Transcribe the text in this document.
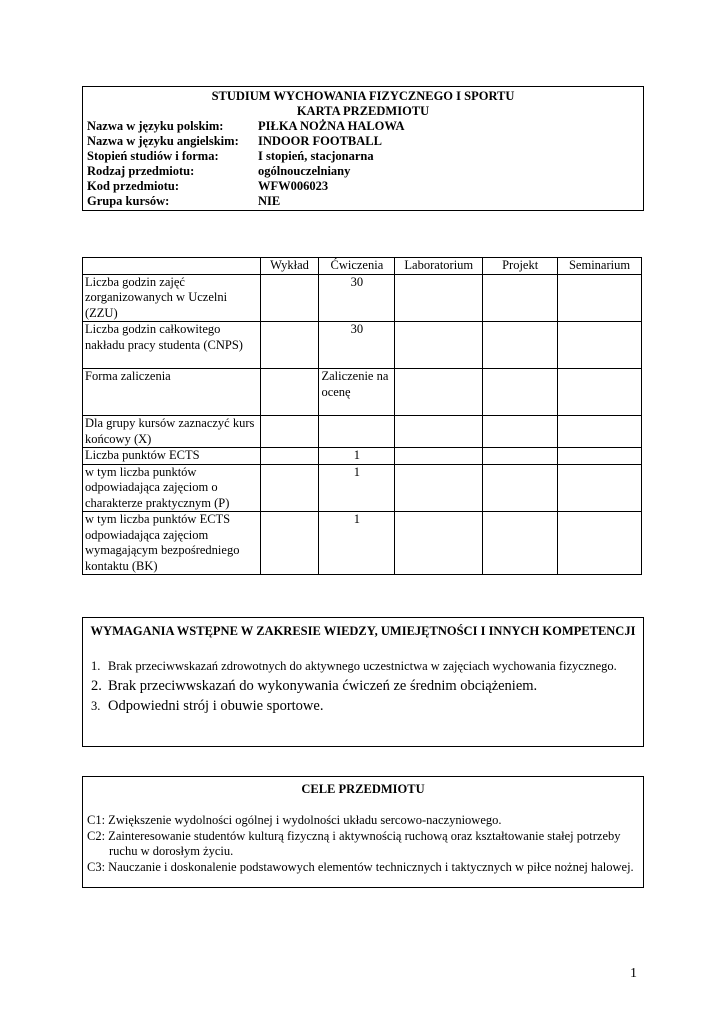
STUDIUM WYCHOWANIA FIZYCZNEGO I SPORTU
KARTA PRZEDMIOTU
Nazwa w języku polskim:	PIŁKA NOŻNA HALOWA
Nazwa w języku angielskim:	INDOOR FOOTBALL
Stopień studiów i forma:	I stopień, stacjonarna
Rodzaj przedmiotu:	ogólnouczelniany
Kod przedmiotu:	WFW006023
Grupa kursów:	NIE
	Wykład	Ćwiczenia	Laboratorium	Projekt	Seminarium
Liczba godzin zajęć zorganizowanych w Uczelni (ZZU)		30			
Liczba godzin całkowitego nakładu pracy studenta (CNPS)		30			
Forma zaliczenia		Zaliczenie na ocenę			
Dla grupy kursów zaznaczyć kurs końcowy (X)					
Liczba punktów ECTS		1			
w tym liczba punktów odpowiadająca zajęciom o charakterze praktycznym (P)		1			
w tym liczba punktów ECTS odpowiadająca zajęciom wymagającym bezpośredniego kontaktu (BK)		1			
WYMAGANIA WSTĘPNE W ZAKRESIE WIEDZY, UMIEJĘTNOŚCI I INNYCH KOMPETENCJI
1. Brak przeciwwskazań zdrowotnych do aktywnego uczestnictwa w zajęciach wychowania fizycznego.
2. Brak przeciwwskazań do wykonywania ćwiczeń ze średnim obciążeniem.
3. Odpowiedni strój i obuwie sportowe.
CELE PRZEDMIOTU
C1: Zwiększenie wydolności ogólnej i wydolności układu sercowo-naczyniowego.
C2: Zainteresowanie studentów kulturą fizyczną i aktywnością ruchową oraz kształtowanie stałej potrzeby ruchu w dorosłym życiu.
C3: Nauczanie i doskonalenie podstawowych elementów technicznych i taktycznych w piłce nożnej halowej.
1
